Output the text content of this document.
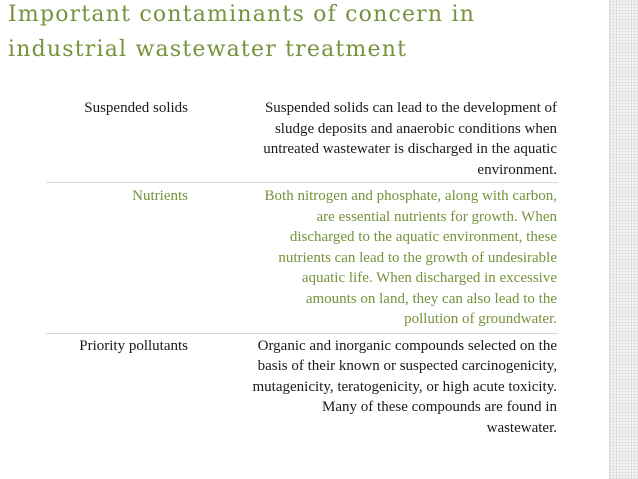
Important contaminants of concern in
industrial wastewater treatment
Suspended solids	Suspended solids can lead to the development of
sludge deposits and anaerobic conditions when
untreated wastewater is discharged in the aquatic
environment.
Nutrients	Both nitrogen and phosphate, along with carbon,
are essential nutrients for growth. When
discharged to the aquatic environment, these
nutrients can lead to the growth of undesirable
aquatic life. When discharged in excessive
amounts on land, they can also lead to the
pollution of groundwater.
Priority pollutants	Organic and inorganic compounds selected on the
basis of their known or suspected carcinogenicity,
mutagenicity, teratogenicity, or high acute toxicity.
Many of these compounds are found in
wastewater.
